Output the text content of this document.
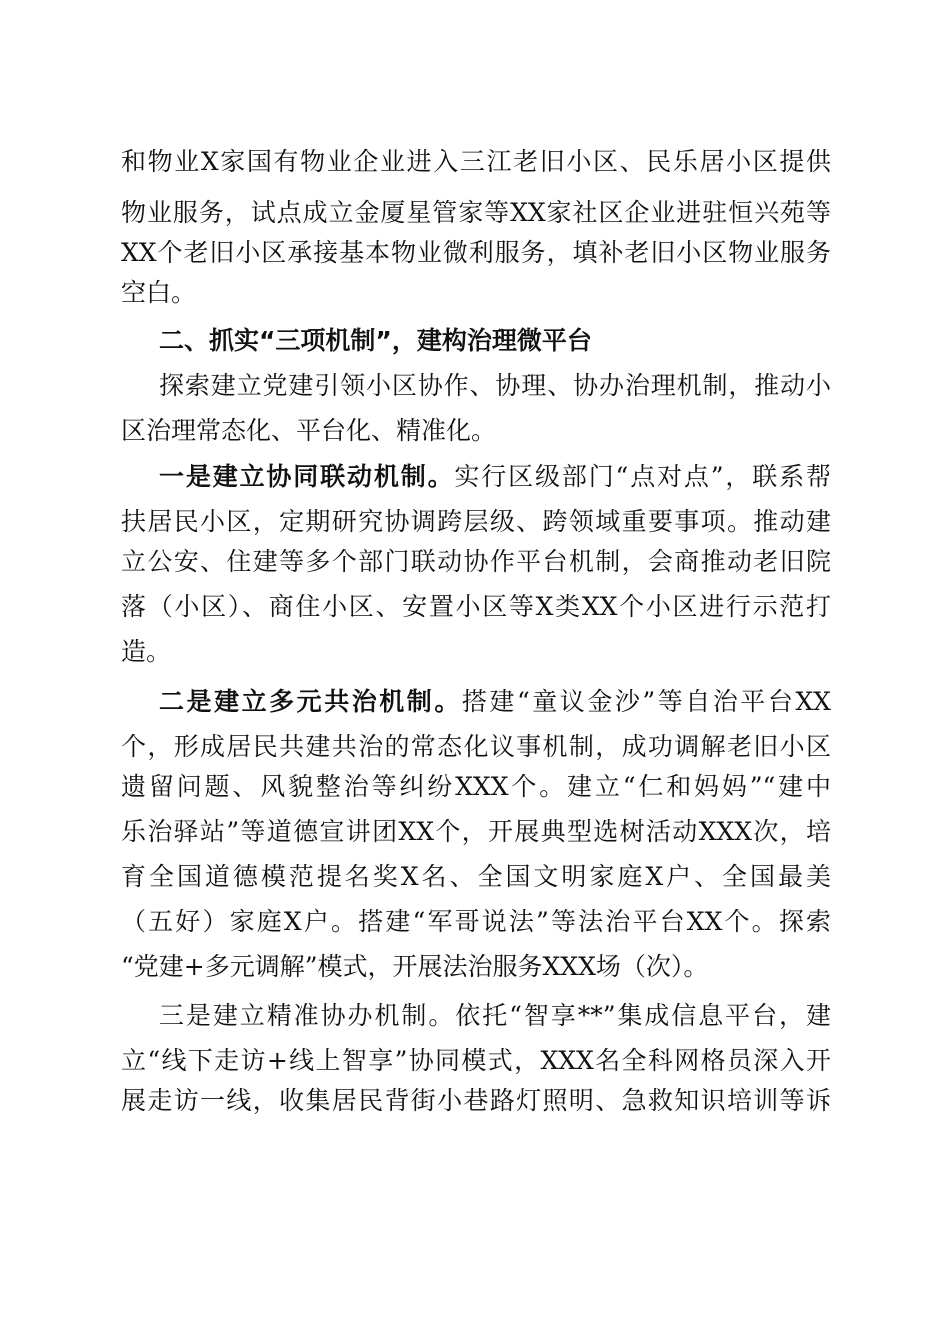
和物业X家国有物业企业进入三江老旧小区、民乐居小区提供
物业服务，试点成立金厦星管家等XX家社区企业进驻恒兴苑等
XX个老旧小区承接基本物业微利服务，填补老旧小区物业服务
空白。
二、抓实“三项机制”，建构治理微平台
探索建立党建引领小区协作、协理、协办治理机制，推动小
区治理常态化、平台化、精准化。
一是建立协同联动机制。实行区级部门“点对点”，联系帮
扶居民小区，定期研究协调跨层级、跨领域重要事项。推动建
立公安、住建等多个部门联动协作平台机制，会商推动老旧院
落（小区）、商住小区、安置小区等X类XX个小区进行示范打
造。
二是建立多元共治机制。搭建“童议金沙”等自治平台XX
个，形成居民共建共治的常态化议事机制，成功调解老旧小区
遗留问题、风貌整治等纠纷XXX个。建立“仁和妈妈”“建中
乐治驿站”等道德宣讲团XX个，开展典型选树活动XXX次，培
育全国道德模范提名奖X名、全国文明家庭X户、全国最美
（五好）家庭X户。搭建“军哥说法”等法治平台XX个。探索
“党建+多元调解”模式，开展法治服务XXX场（次）。
三是建立精准协办机制。依托“智享**”集成信息平台，建
立“线下走访+线上智享”协同模式，XXX名全科网格员深入开
展走访一线，收集居民背街小巷路灯照明、急救知识培训等诉
